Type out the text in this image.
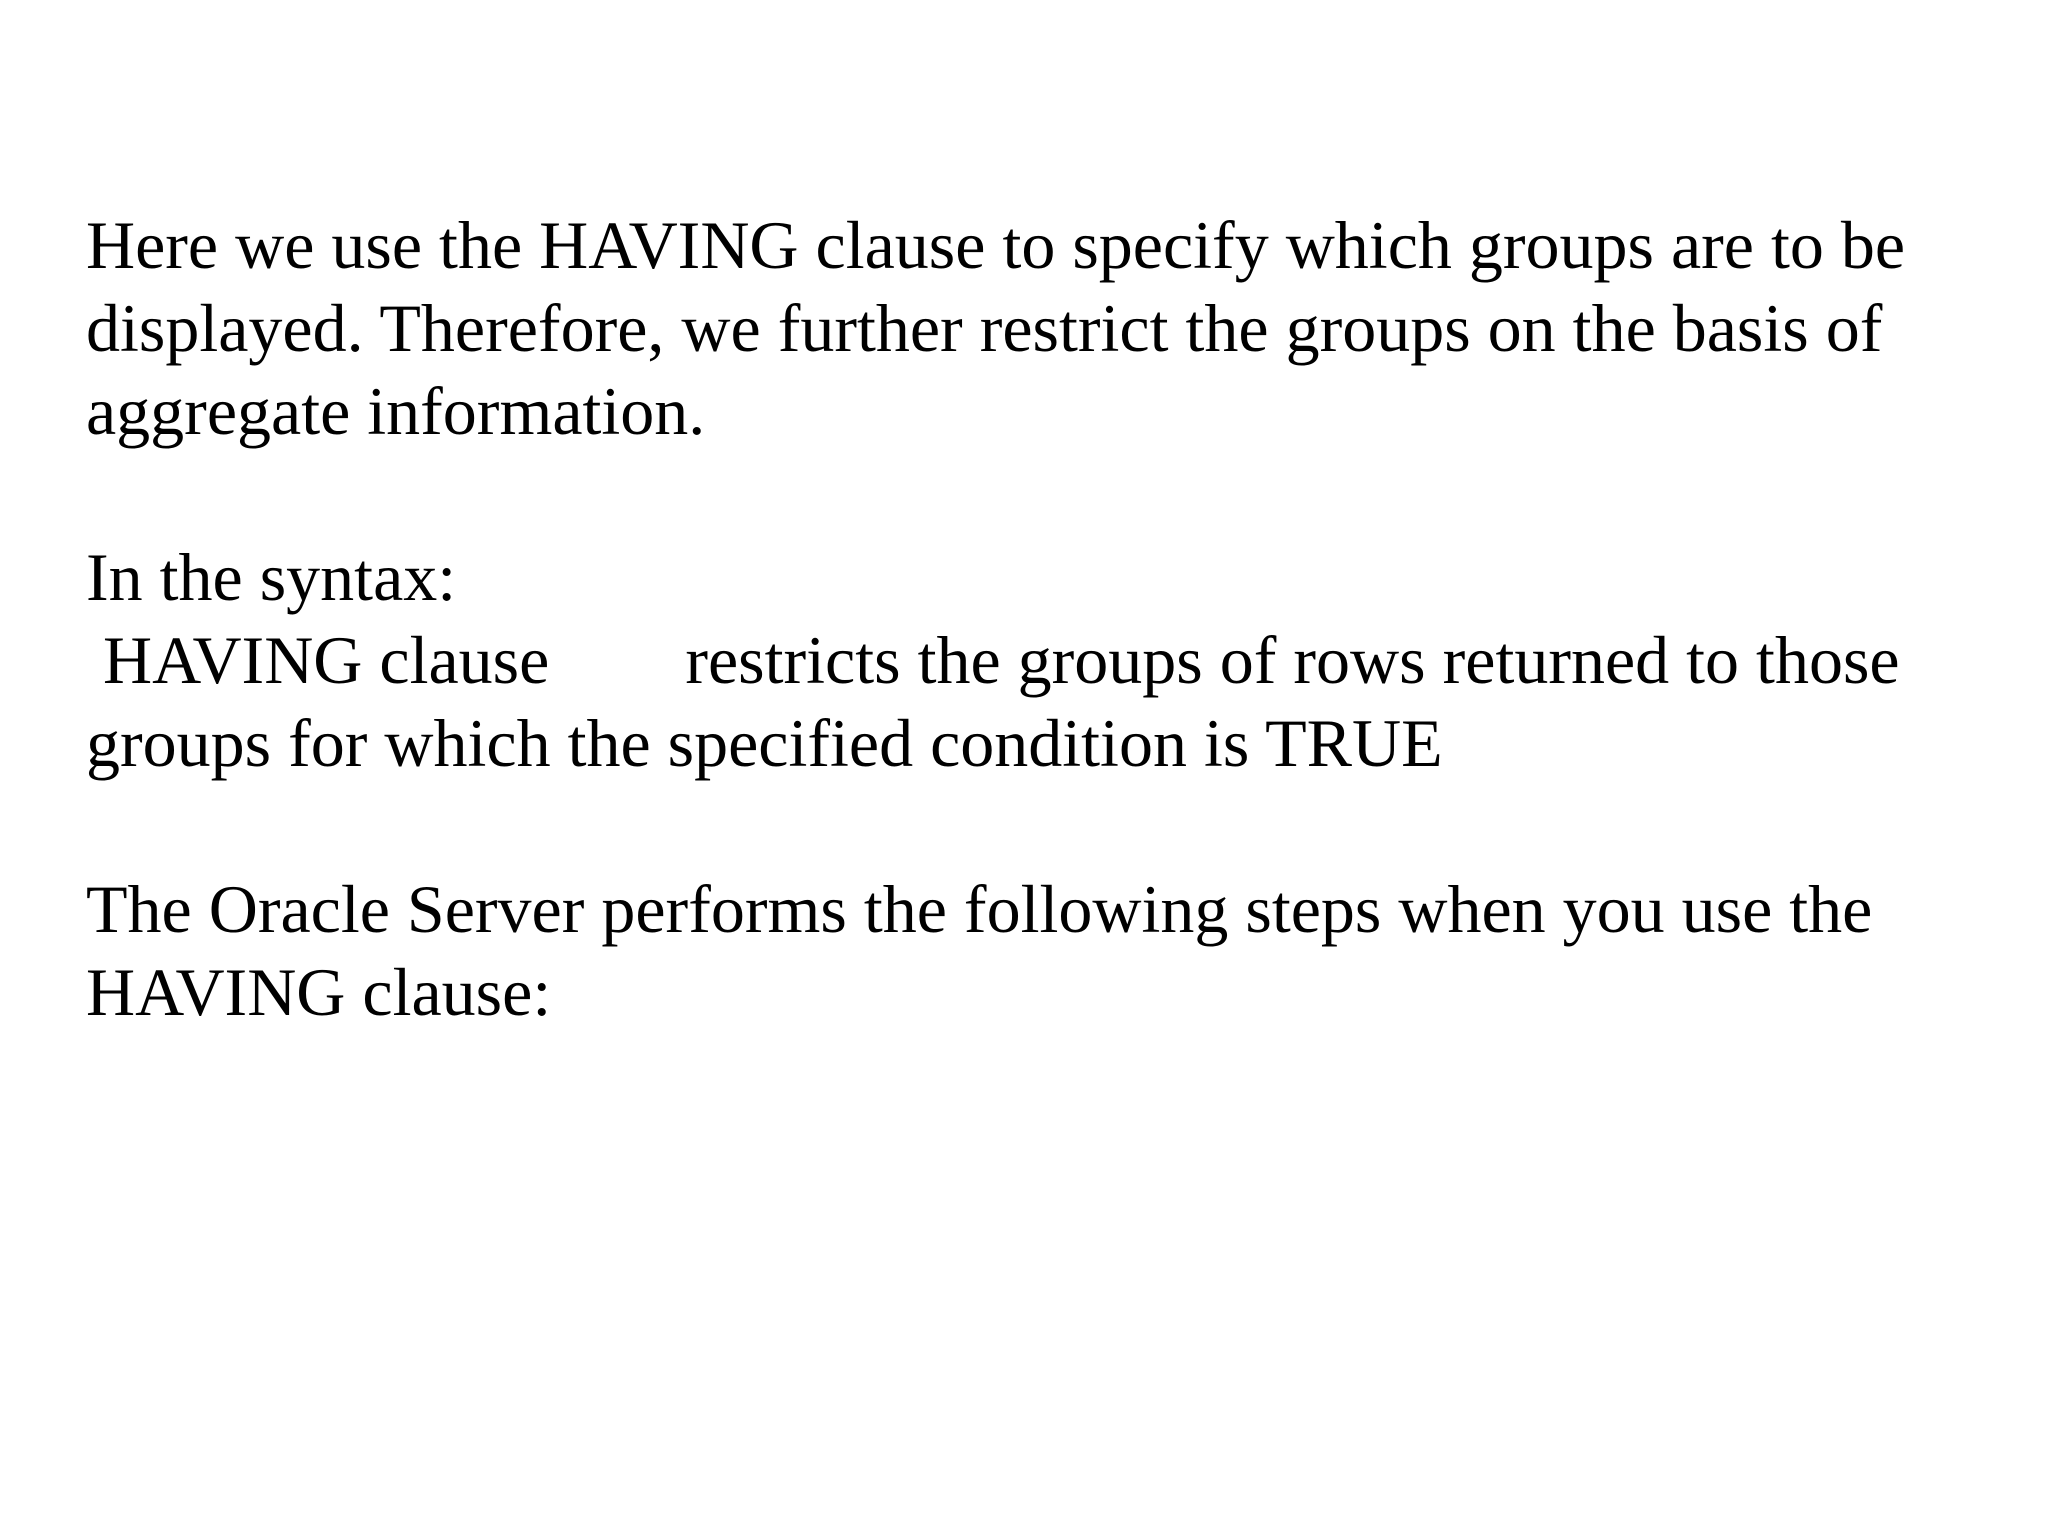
Here we use the HAVING clause to specify which groups are to be
displayed. Therefore, we further restrict the groups on the basis of
aggregate information.
In the syntax:
HAVING clause        restricts the groups of rows returned to those
groups for which the specified condition is TRUE
The Oracle Server performs the following steps when you use the
HAVING clause:
